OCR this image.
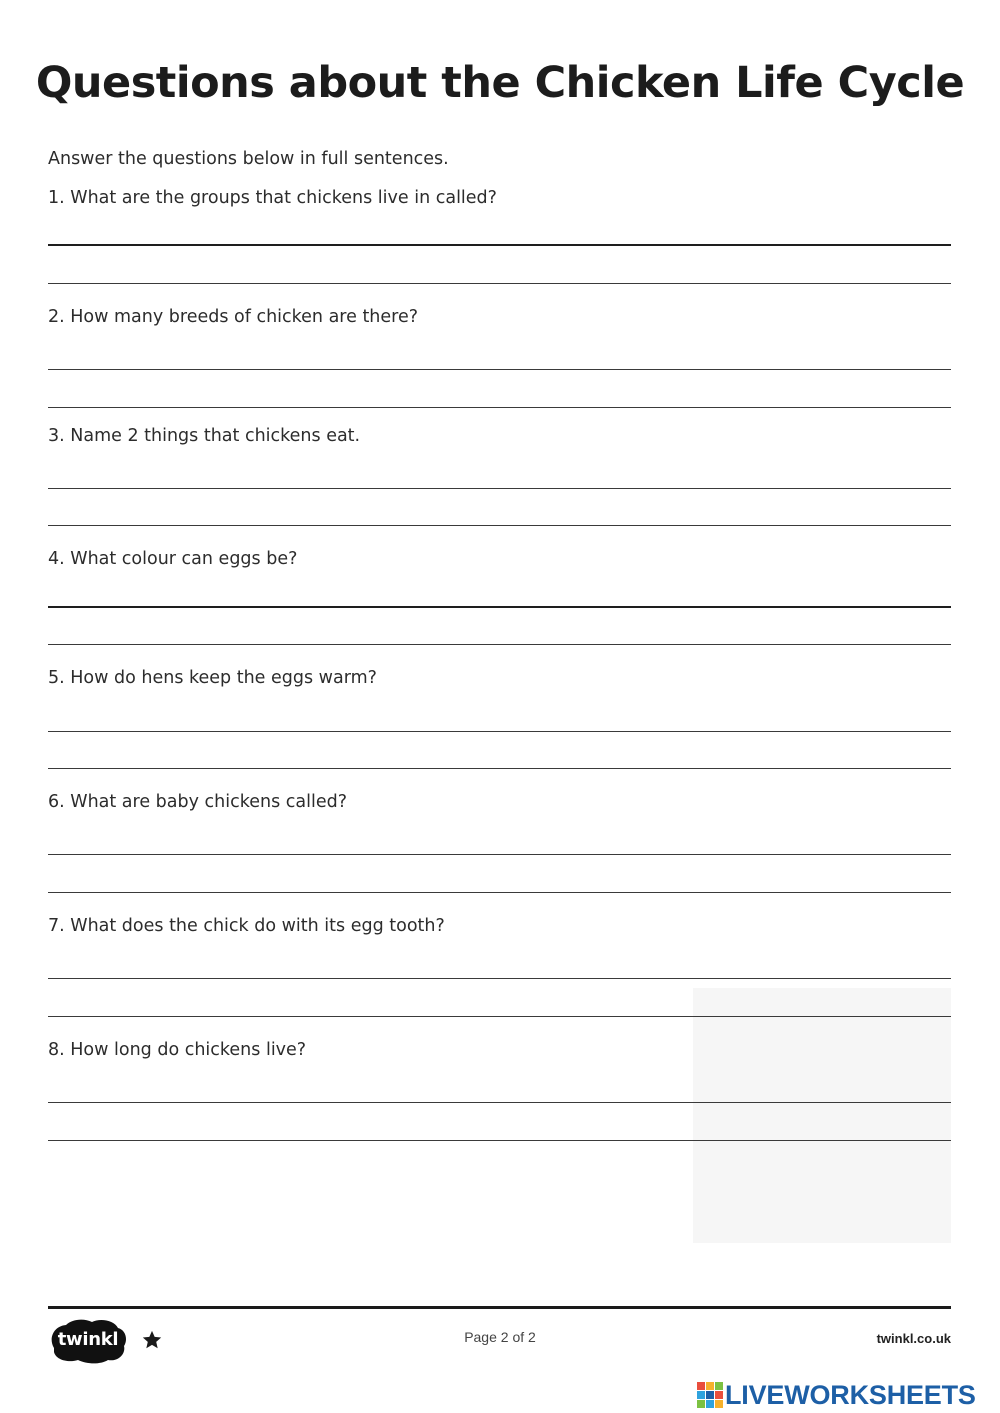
Questions about the Chicken Life Cycle
Answer the questions below in full sentences.
1. What are the groups that chickens live in called?
2. How many breeds of chicken are there?
3. Name 2 things that chickens eat.
4. What colour can eggs be?
5. How do hens keep the eggs warm?
6. What are baby chickens called?
7. What does the chick do with its egg tooth?
8. How long do chickens live?
twinkl	Page 2 of 2	twinkl.co.uk
LIVEWORKSHEETS
